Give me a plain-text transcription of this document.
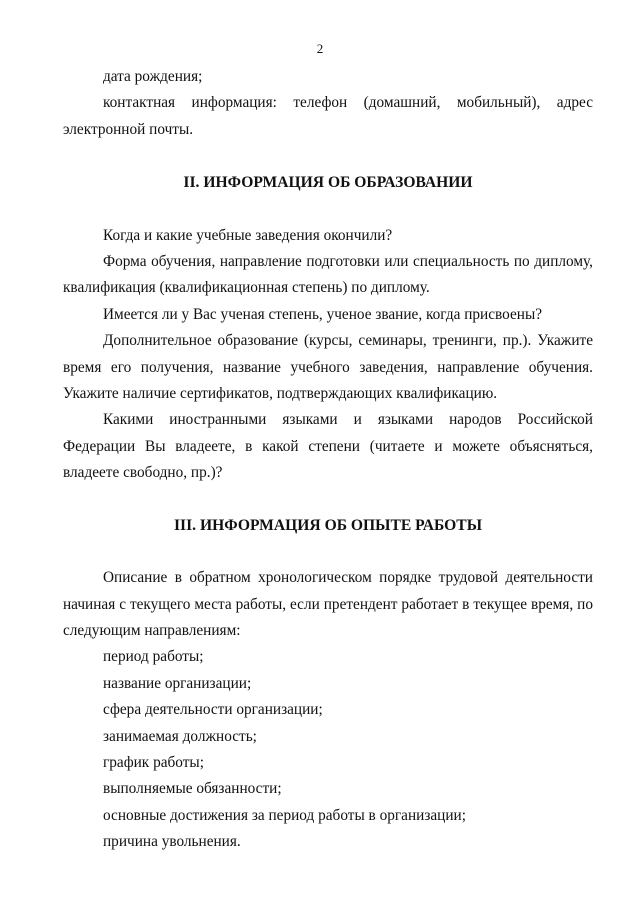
2
дата рождения;

контактная информация: телефон (домашний, мобильный), адрес электронной почты.

II. ИНФОРМАЦИЯ ОБ ОБРАЗОВАНИИ

Когда и какие учебные заведения окончили?

Форма обучения, направление подготовки или специальность по диплому, квалификация (квалификационная степень) по диплому.

Имеется ли у Вас ученая степень, ученое звание, когда присвоены?

Дополнительное образование (курсы, семинары, тренинги, пр.). Укажите время его получения, название учебного заведения, направление обучения. Укажите наличие сертификатов, подтверждающих квалификацию.

Какими иностранными языками и языками народов Российской Федерации Вы владеете, в какой степени (читаете и можете объясняться, владеете свободно, пр.)?

III. ИНФОРМАЦИЯ ОБ ОПЫТЕ РАБОТЫ

Описание в обратном хронологическом порядке трудовой деятельности начиная с текущего места работы, если претендент работает в текущее время, по следующим направлениям:

период работы;
название организации;
сфера деятельности организации;
занимаемая должность;
график работы;
выполняемые обязанности;
основные достижения за период работы в организации;
причина увольнения.
